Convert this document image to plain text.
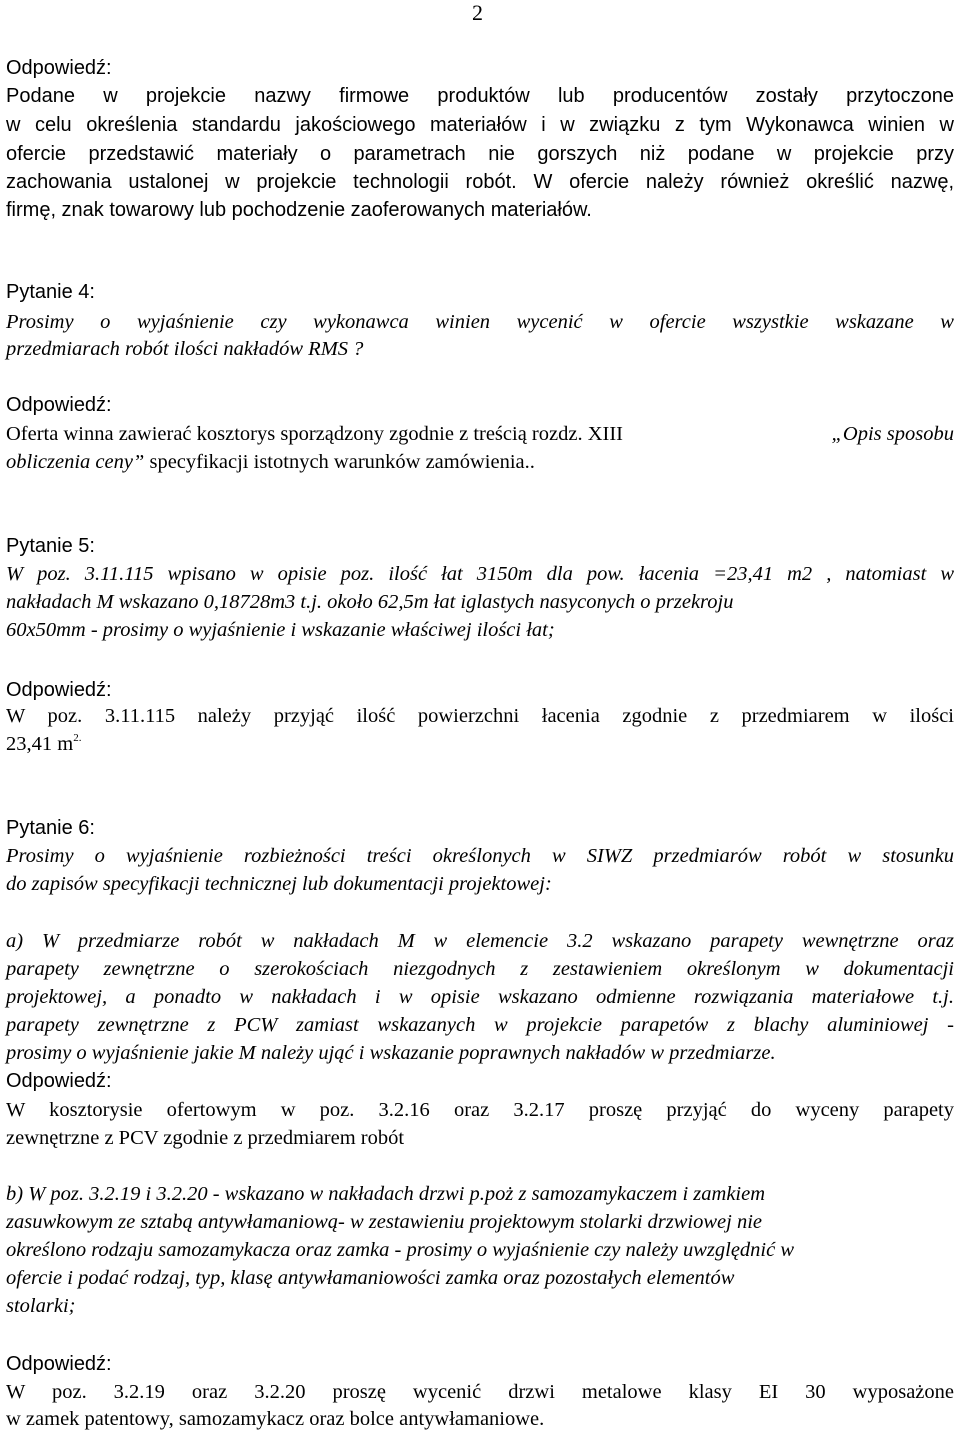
2
Odpowiedź:
Podane w projekcie nazwy firmowe produktów lub producentów zostały przytoczone
w celu określenia standardu jakościowego materiałów i w związku z tym Wykonawca winien w
ofercie przedstawić materiały o parametrach nie gorszych niż podane w projekcie przy
zachowania ustalonej w projekcie technologii robót. W ofercie należy również określić nazwę,
firmę, znak towarowy lub pochodzenie zaoferowanych materiałów.
Pytanie 4:
Prosimy o wyjaśnienie czy wykonawca winien wycenić w ofercie wszystkie wskazane w
przedmiarach robót ilości nakładów RMS ?
Odpowiedź:
Oferta winna zawierać kosztorys sporządzony zgodnie z treścią rozdz. XIII	„Opis sposobu
obliczenia ceny” specyfikacji istotnych warunków zamówienia..
Pytanie 5:
W poz. 3.11.115 wpisano w opisie poz. ilość łat 3150m dla pow. łacenia =23,41 m2 , natomiast w
nakładach M wskazano 0,18728m3 t.j. około 62,5m łat iglastych nasyconych o przekroju
60x50mm - prosimy o wyjaśnienie i wskazanie właściwej ilości łat;
Odpowiedź:
W poz. 3.11.115 należy przyjąć ilość powierzchni łacenia zgodnie z przedmiarem w ilości
23,41 $m^{2.}$
Pytanie 6:
Prosimy o wyjaśnienie rozbieżności treści określonych w SIWZ przedmiarów robót w stosunku
do zapisów specyfikacji technicznej lub dokumentacji projektowej:
a) W przedmiarze robót w nakładach M w elemencie 3.2 wskazano parapety wewnętrzne oraz
parapety zewnętrzne o szerokościach niezgodnych z zestawieniem określonym w dokumentacji
projektowej, a ponadto w nakładach i w opisie wskazano odmienne rozwiązania materiałowe t.j.
parapety zewnętrzne z PCW zamiast wskazanych w projekcie parapetów z blachy aluminiowej -
prosimy o wyjaśnienie jakie M należy ująć i wskazanie poprawnych nakładów w przedmiarze.
Odpowiedź:
W kosztorysie ofertowym w poz. 3.2.16 oraz 3.2.17 proszę przyjąć do wyceny parapety
zewnętrzne z PCV zgodnie z przedmiarem robót
b) W poz. 3.2.19 i 3.2.20 - wskazano w nakładach drzwi p.poż z samozamykaczem i zamkiem
zasuwkowym ze sztabą antywłamaniową- w zestawieniu projektowym stolarki drzwiowej nie
określono rodzaju samozamykacza oraz zamka - prosimy o wyjaśnienie czy należy uwzględnić w
ofercie i podać rodzaj, typ, klasę antywłamaniowości zamka oraz pozostałych elementów
stolarki;
Odpowiedź:
W poz. 3.2.19 oraz 3.2.20 proszę wycenić drzwi metalowe klasy EI 30 wyposażone
w zamek patentowy, samozamykacz oraz bolce antywłamaniowe.
